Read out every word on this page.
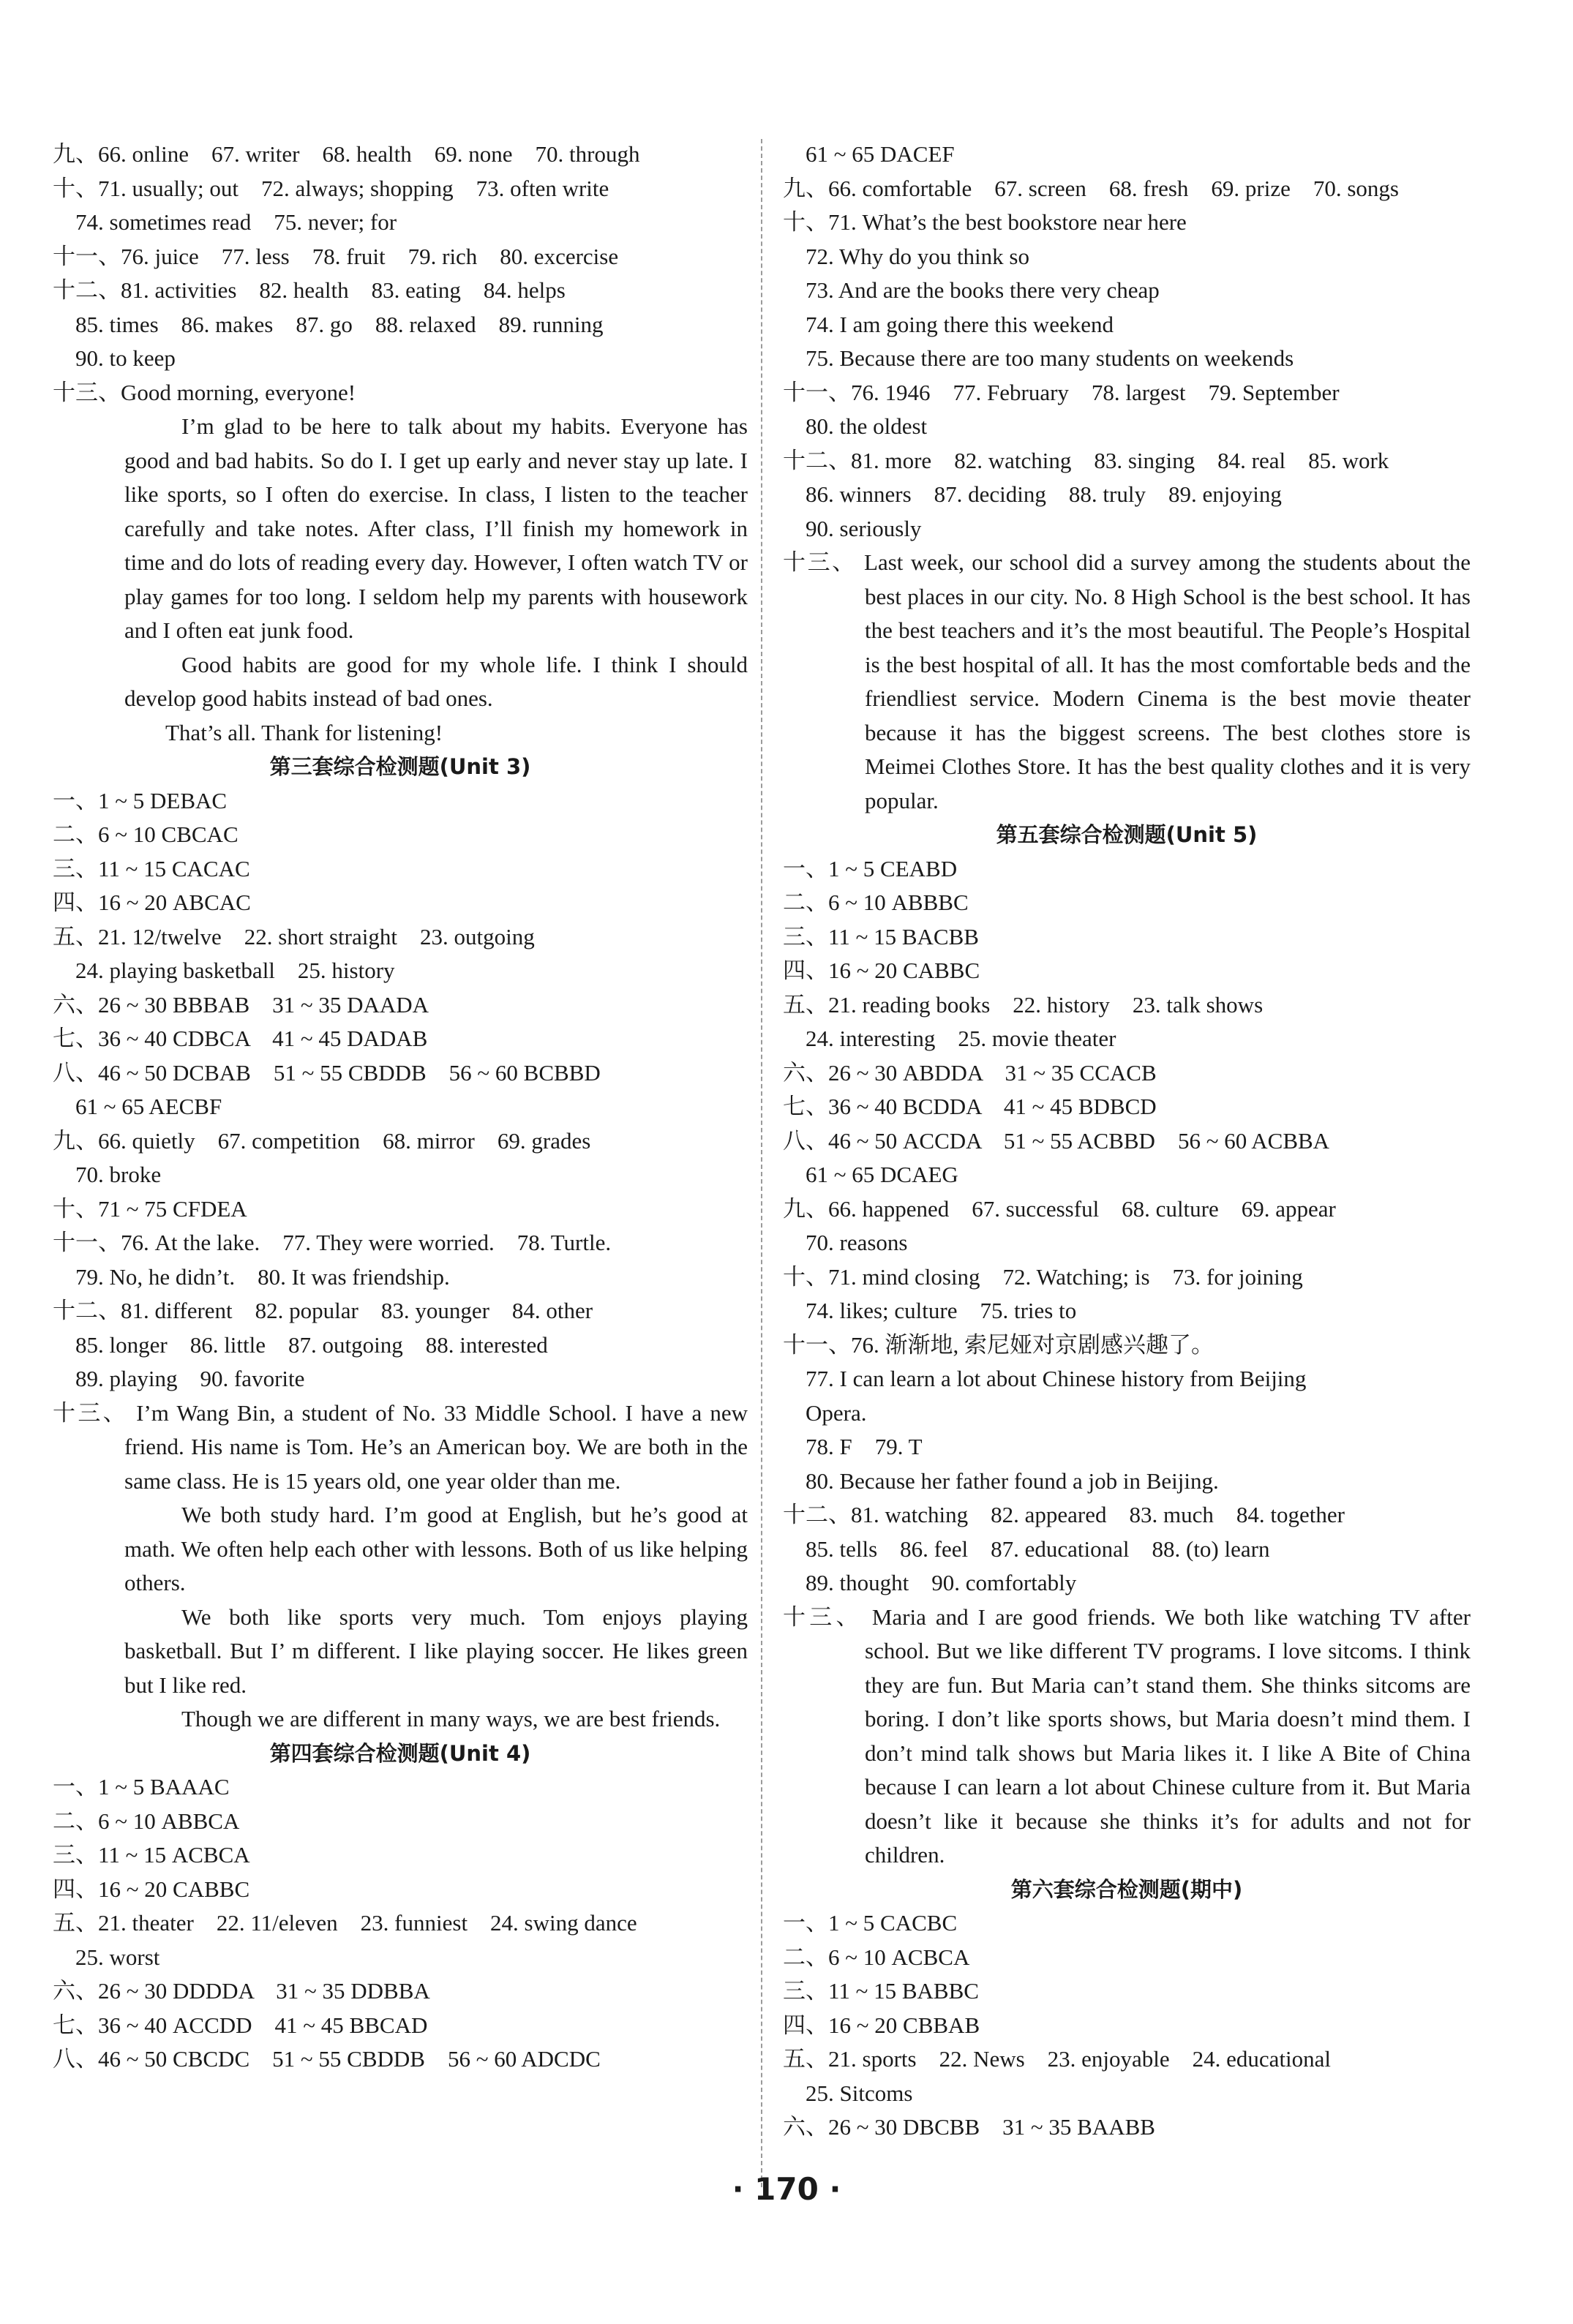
九、66. online    67. writer    68. health    69. none    70. through
十、71. usually; out    72. always; shopping    73. often write
74. sometimes read    75. never; for
十一、76. juice    77. less    78. fruit    79. rich    80. excercise
十二、81. activities    82. health    83. eating    84. helps
85. times    86. makes    87. go    88. relaxed    89. running
90. to keep
十三、Good morning, everyone!

I’m glad to be here to talk about my habits. Everyone has good and bad habits. So do I. I get up early and never stay up late. I like sports, so I often do exercise. In class, I listen to the teacher carefully and take notes. After class, I’ll finish my homework in time and do lots of reading every day. However, I often watch TV or play games for too long. I seldom help my parents with housework and I often eat junk food.

Good habits are good for my whole life. I think I should develop good habits instead of bad ones.

That’s all. Thank for listening!

第三套综合检测题(Unit 3)
一、1 ~ 5 DEBAC
二、6 ~ 10 CBCAC
三、11 ~ 15 CACAC
四、16 ~ 20 ABCAC
五、21. 12/twelve    22. short straight    23. outgoing
24. playing basketball    25. history
六、26 ~ 30 BBBAB    31 ~ 35 DAADA
七、36 ~ 40 CDBCA    41 ~ 45 DADAB
八、46 ~ 50 DCBAB    51 ~ 55 CBDDB    56 ~ 60 BCBBD
61 ~ 65 AECBF
九、66. quietly    67. competition    68. mirror    69. grades
70. broke
十、71 ~ 75 CFDEA
十一、76. At the lake.    77. They were worried.    78. Turtle.
79. No, he didn’t.    80. It was friendship.
十二、81. different    82. popular    83. younger    84. other
85. longer    86. little    87. outgoing    88. interested
89. playing    90. favorite

十三、 I’m Wang Bin, a student of No. 33 Middle School. I have a new friend. His name is Tom. He’s an American boy. We are both in the same class. He is 15 years old, one year older than me.

We both study hard. I’m good at English, but he’s good at math. We often help each other with lessons. Both of us like helping others.

We both like sports very much. Tom enjoys playing basketball. But I’ m different. I like playing soccer. He likes green but I like red.

Though we are different in many ways, we are best friends.

第四套综合检测题(Unit 4)
一、1 ~ 5 BAAAC
二、6 ~ 10 ABBCA
三、11 ~ 15 ACBCA
四、16 ~ 20 CABBC
五、21. theater    22. 11/eleven    23. funniest    24. swing dance
25. worst
六、26 ~ 30 DDDDA    31 ~ 35 DDBBA
七、36 ~ 40 ACCDD    41 ~ 45 BBCAD
八、46 ~ 50 CBCDC    51 ~ 55 CBDDB    56 ~ 60 ADCDC
61 ~ 65 DACEF
九、66. comfortable    67. screen    68. fresh    69. prize    70. songs
十、71. What’s the best bookstore near here
72. Why do you think so
73. And are the books there very cheap
74. I am going there this weekend
75. Because there are too many students on weekends
十一、76. 1946    77. February    78. largest    79. September
80. the oldest
十二、81. more    82. watching    83. singing    84. real    85. work
86. winners    87. deciding    88. truly    89. enjoying
90. seriously

十三、 Last week, our school did a survey among the students about the best places in our city. No. 8 High School is the best school. It has the best teachers and it’s the most beautiful. The People’s Hospital is the best hospital of all. It has the most comfortable beds and the friendliest service. Modern Cinema is the best movie theater because it has the biggest screens. The best clothes store is Meimei Clothes Store. It has the best quality clothes and it is very popular.

第五套综合检测题(Unit 5)
一、1 ~ 5 CEABD
二、6 ~ 10 ABBBC
三、11 ~ 15 BACBB
四、16 ~ 20 CABBC
五、21. reading books    22. history    23. talk shows
24. interesting    25. movie theater
六、26 ~ 30 ABDDA    31 ~ 35 CCACB
七、36 ~ 40 BCDDA    41 ~ 45 BDBCD
八、46 ~ 50 ACCDA    51 ~ 55 ACBBD    56 ~ 60 ACBBA
61 ~ 65 DCAEG
九、66. happened    67. successful    68. culture    69. appear
70. reasons
十、71. mind closing    72. Watching; is    73. for joining
74. likes; culture    75. tries to
十一、76. 渐渐地, 索尼娅对京剧感兴趣了。
77. I can learn a lot about Chinese history from Beijing
Opera.
78. F    79. T
80. Because her father found a job in Beijing.
十二、81. watching    82. appeared    83. much    84. together
85. tells    86. feel    87. educational    88. (to) learn
89. thought    90. comfortably

十三、 Maria and I are good friends. We both like watching TV after school. But we like different TV programs. I love sitcoms. I think they are fun. But Maria can’t stand them. She thinks sitcoms are boring. I don’t like sports shows, but Maria doesn’t mind them. I don’t mind talk shows but Maria likes it. I like A Bite of China because I can learn a lot about Chinese culture from it. But Maria doesn’t like it because she thinks it’s for adults and not for children.

第六套综合检测题(期中)
一、1 ~ 5 CACBC
二、6 ~ 10 ACBCA
三、11 ~ 15 BABBC
四、16 ~ 20 CBBAB
五、21. sports    22. News    23. enjoyable    24. educational
25. Sitcoms
六、26 ~ 30 DBCBB    31 ~ 35 BAABB
· 170 ·
